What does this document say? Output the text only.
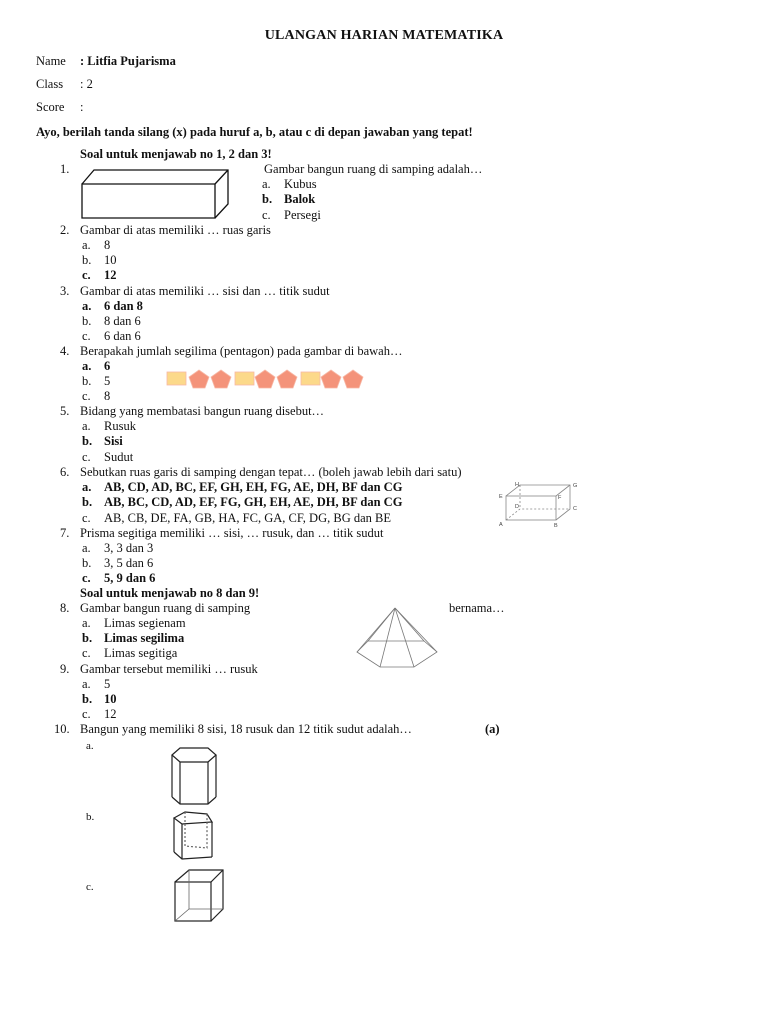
ULANGAN HARIAN MATEMATIKA
Name : Litfia Pujarisma
Class : 2
Score :
Ayo, berilah tanda silang (x) pada huruf a, b, atau c di depan jawaban yang tepat!
Soal untuk menjawab no 1, 2 dan 3!
1.	Gambar bangun ruang di samping adalah…
a. Kubus
b. Balok
c. Persegi
2. Gambar di atas memiliki … ruas garis
a. 8
b. 10
c. 12
3. Gambar di atas memiliki … sisi dan … titik sudut
a. 6 dan 8
b. 8 dan 6
c. 6 dan 6
4. Berapakah jumlah segilima (pentagon) pada gambar di bawah…
a. 6
b. 5
c. 8
5. Bidang yang membatasi bangun ruang disebut…
a. Rusuk
b. Sisi
c. Sudut
6. Sebutkan ruas garis di samping dengan tepat… (boleh jawab lebih dari satu)
a. AB, CD, AD, BC, EF, GH, EH, FG, AE, DH, BF dan CG
b. AB, BC, CD, AD, EF, FG, GH, EH, AE, DH, BF dan CG
c. AB, CB, DE, FA, GB, HA, FC, GA, CF, DG, BG dan BE
H	G
E	F
D	C
A	B
7. Prisma segitiga memiliki … sisi, … rusuk, dan … titik sudut
a. 3, 3 dan 3
b. 3, 5 dan 6
c. 5, 9 dan 6
Soal untuk menjawab no 8 dan 9!
8. Gambar bangun ruang di samping	bernama…
a. Limas segienam
b. Limas segilima
c. Limas segitiga
9. Gambar tersebut memiliki … rusuk
a. 5
b. 10
c. 12
10. Bangun yang memiliki 8 sisi, 18 rusuk dan 12 titik sudut adalah…	(a)
a.
b.
c.
